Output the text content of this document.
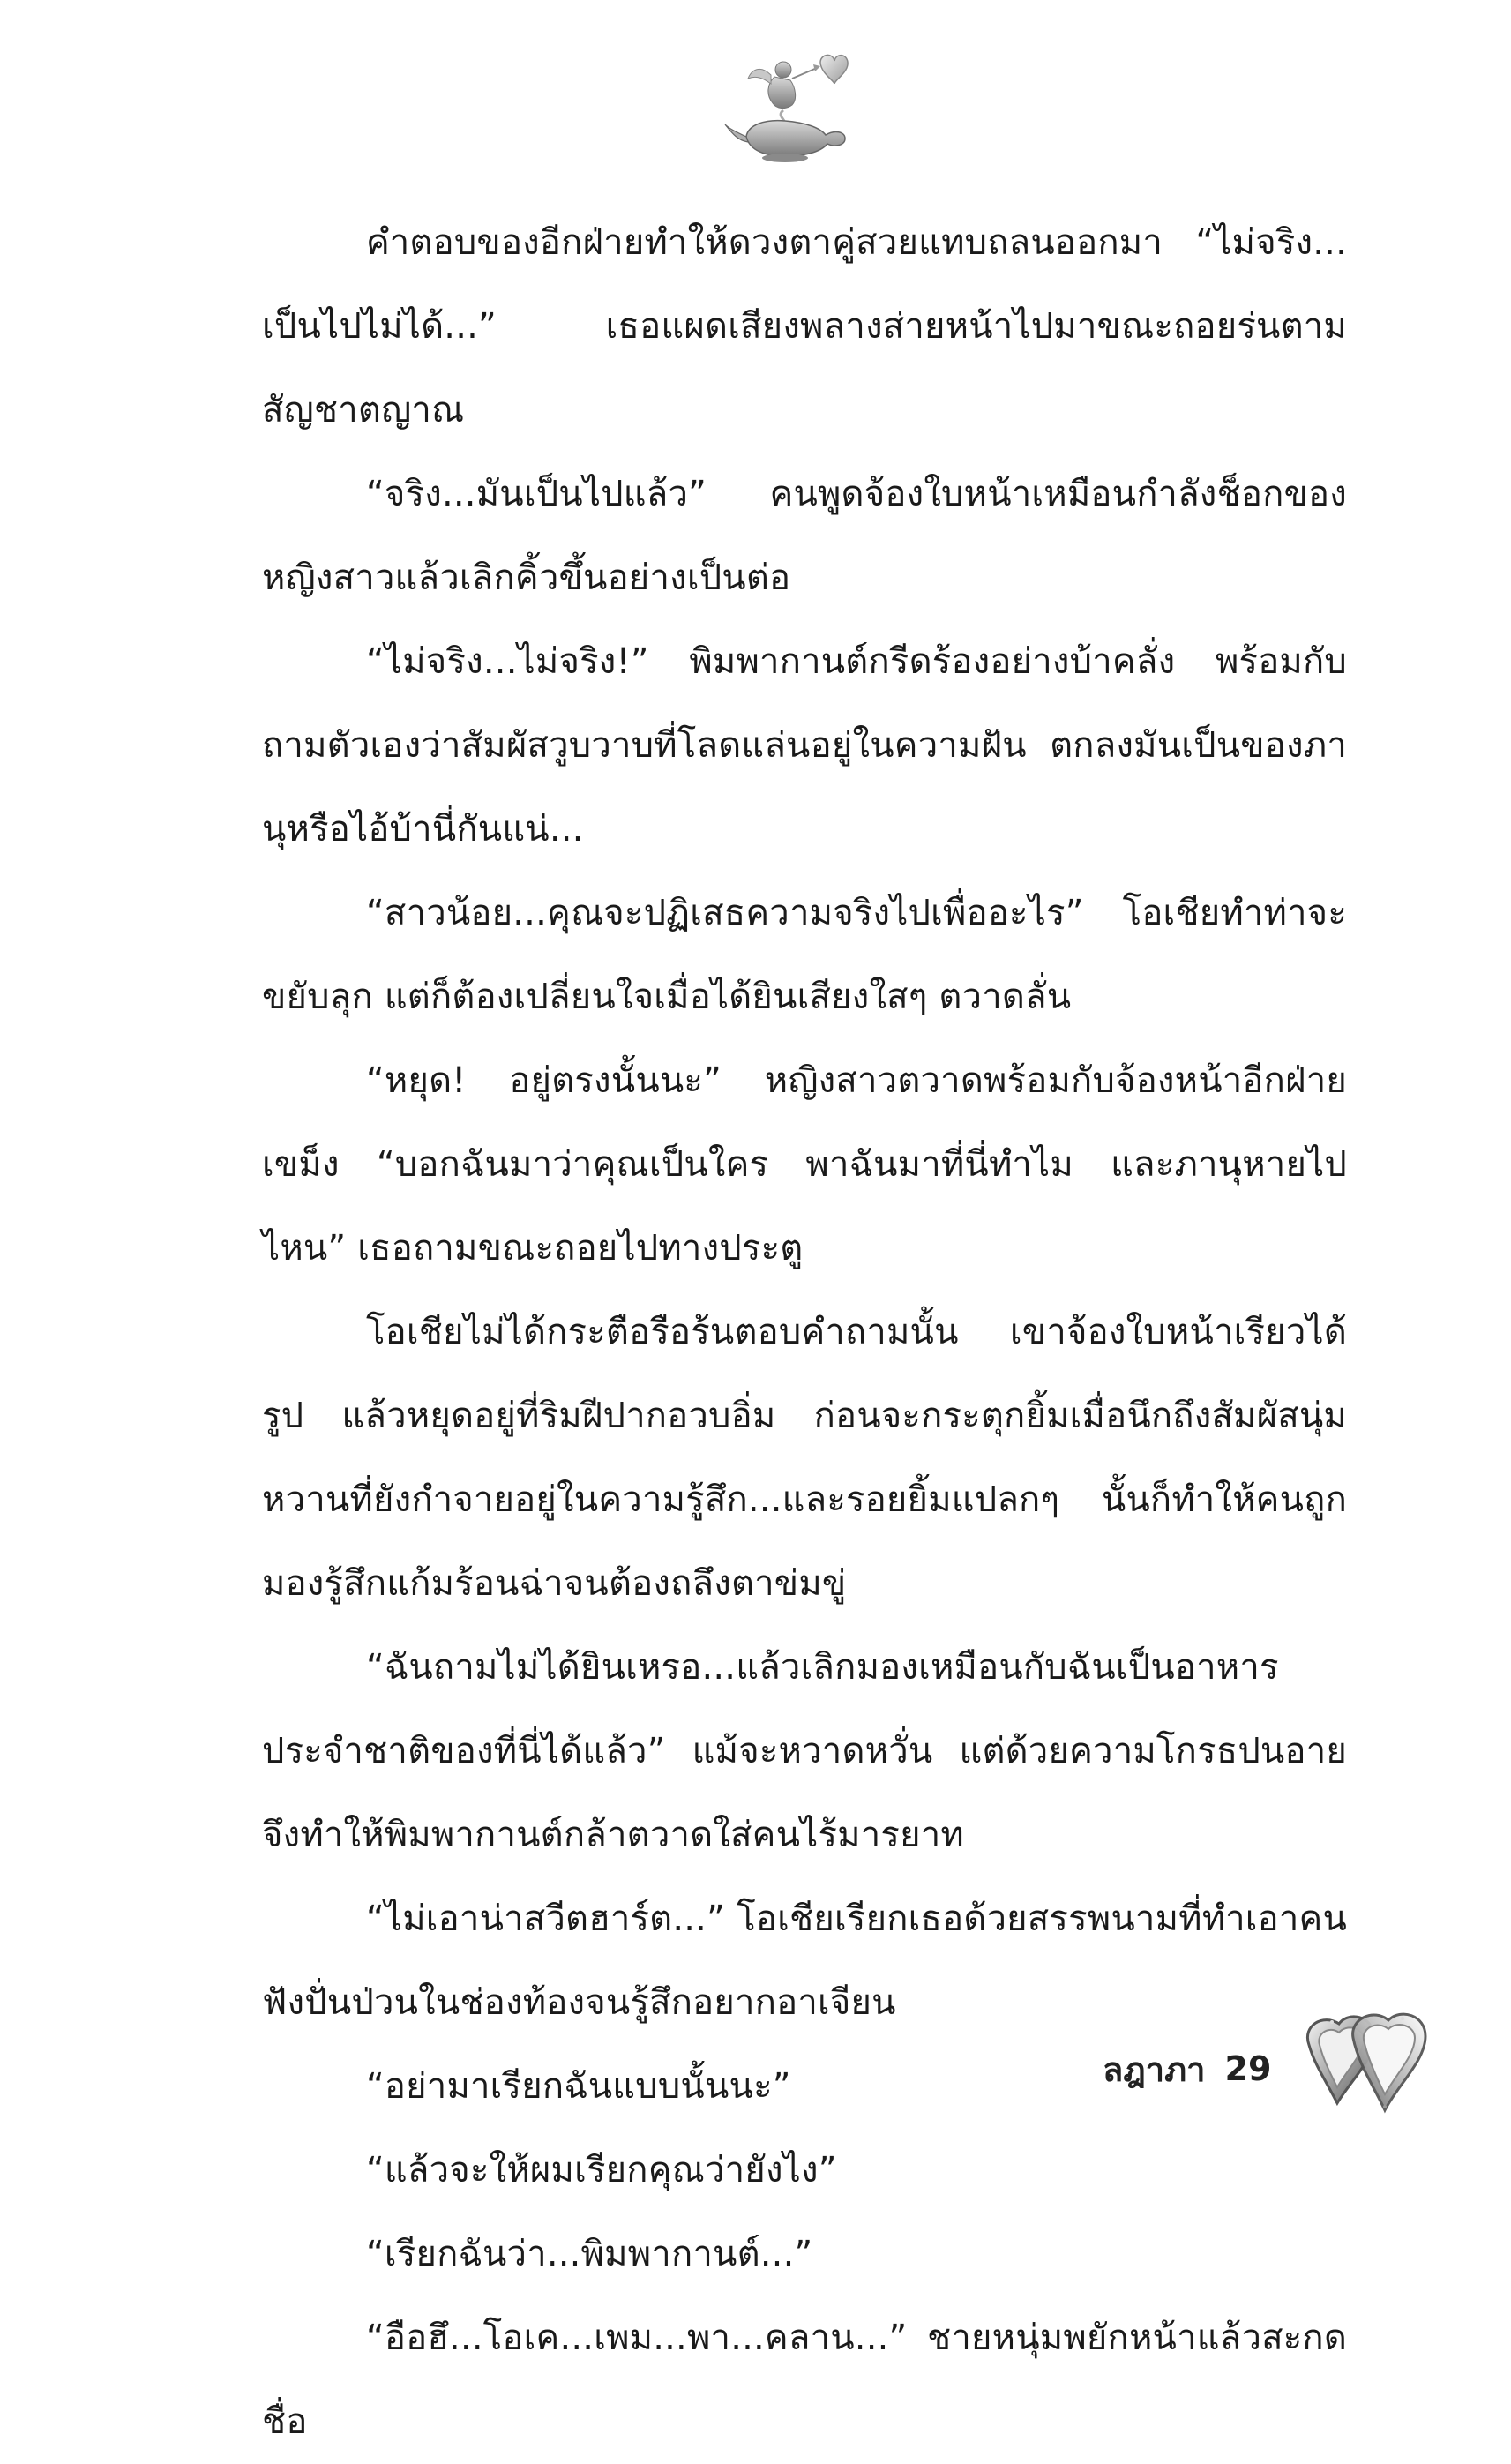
คำตอบของอีกฝ่ายทำให้ดวงตาคู่สวยแทบถลนออกมา “ไม่จริง... เป็นไปไม่ได้...” เธอแผดเสียงพลางส่ายหน้าไปมาขณะถอยร่นตามสัญชาตญาณ

“จริง...มันเป็นไปแล้ว” คนพูดจ้องใบหน้าเหมือนกำลังช็อกของหญิงสาวแล้วเลิกคิ้วขึ้นอย่างเป็นต่อ

“ไม่จริง...ไม่จริง!” พิมพากานต์กรีดร้องอย่างบ้าคลั่ง พร้อมกับถามตัวเองว่าสัมผัสวูบวาบที่โลดแล่นอยู่ในความฝัน ตกลงมันเป็นของภานุหรือไอ้บ้านี่กันแน่...

“สาวน้อย...คุณจะปฏิเสธความจริงไปเพื่ออะไร” โอเชียทำท่าจะขยับลุก แต่ก็ต้องเปลี่ยนใจเมื่อได้ยินเสียงใสๆ ตวาดลั่น

“หยุด! อยู่ตรงนั้นนะ” หญิงสาวตวาดพร้อมกับจ้องหน้าอีกฝ่ายเขม็ง “บอกฉันมาว่าคุณเป็นใคร พาฉันมาที่นี่ทำไม และภานุหายไปไหน” เธอถามขณะถอยไปทางประตู

โอเชียไม่ได้กระตือรือร้นตอบคำถามนั้น เขาจ้องใบหน้าเรียวได้รูป แล้วหยุดอยู่ที่ริมฝีปากอวบอิ่ม ก่อนจะกระตุกยิ้มเมื่อนึกถึงสัมผัสนุ่มหวานที่ยังกำจายอยู่ในความรู้สึก...และรอยยิ้มแปลกๆ นั้นก็ทำให้คนถูกมองรู้สึกแก้มร้อนฉ่าจนต้องถลึงตาข่มขู่

“ฉันถามไม่ได้ยินเหรอ...แล้วเลิกมองเหมือนกับฉันเป็นอาหารประจำชาติของที่นี่ได้แล้ว” แม้จะหวาดหวั่น แต่ด้วยความโกรธปนอายจึงทำให้พิมพากานต์กล้าตวาดใส่คนไร้มารยาท

“ไม่เอาน่าสวีตฮาร์ต...” โอเชียเรียกเธอด้วยสรรพนามที่ทำเอาคนฟังปั่นป่วนในช่องท้องจนรู้สึกอยากอาเจียน

“อย่ามาเรียกฉันแบบนั้นนะ”

“แล้วจะให้ผมเรียกคุณว่ายังไง”

“เรียกฉันว่า...พิมพากานต์...”

“อือฮึ...โอเค...เพม...พา...คลาน...” ชายหนุ่มพยักหน้าแล้วสะกดชื่อ

ลฎาภา 29
